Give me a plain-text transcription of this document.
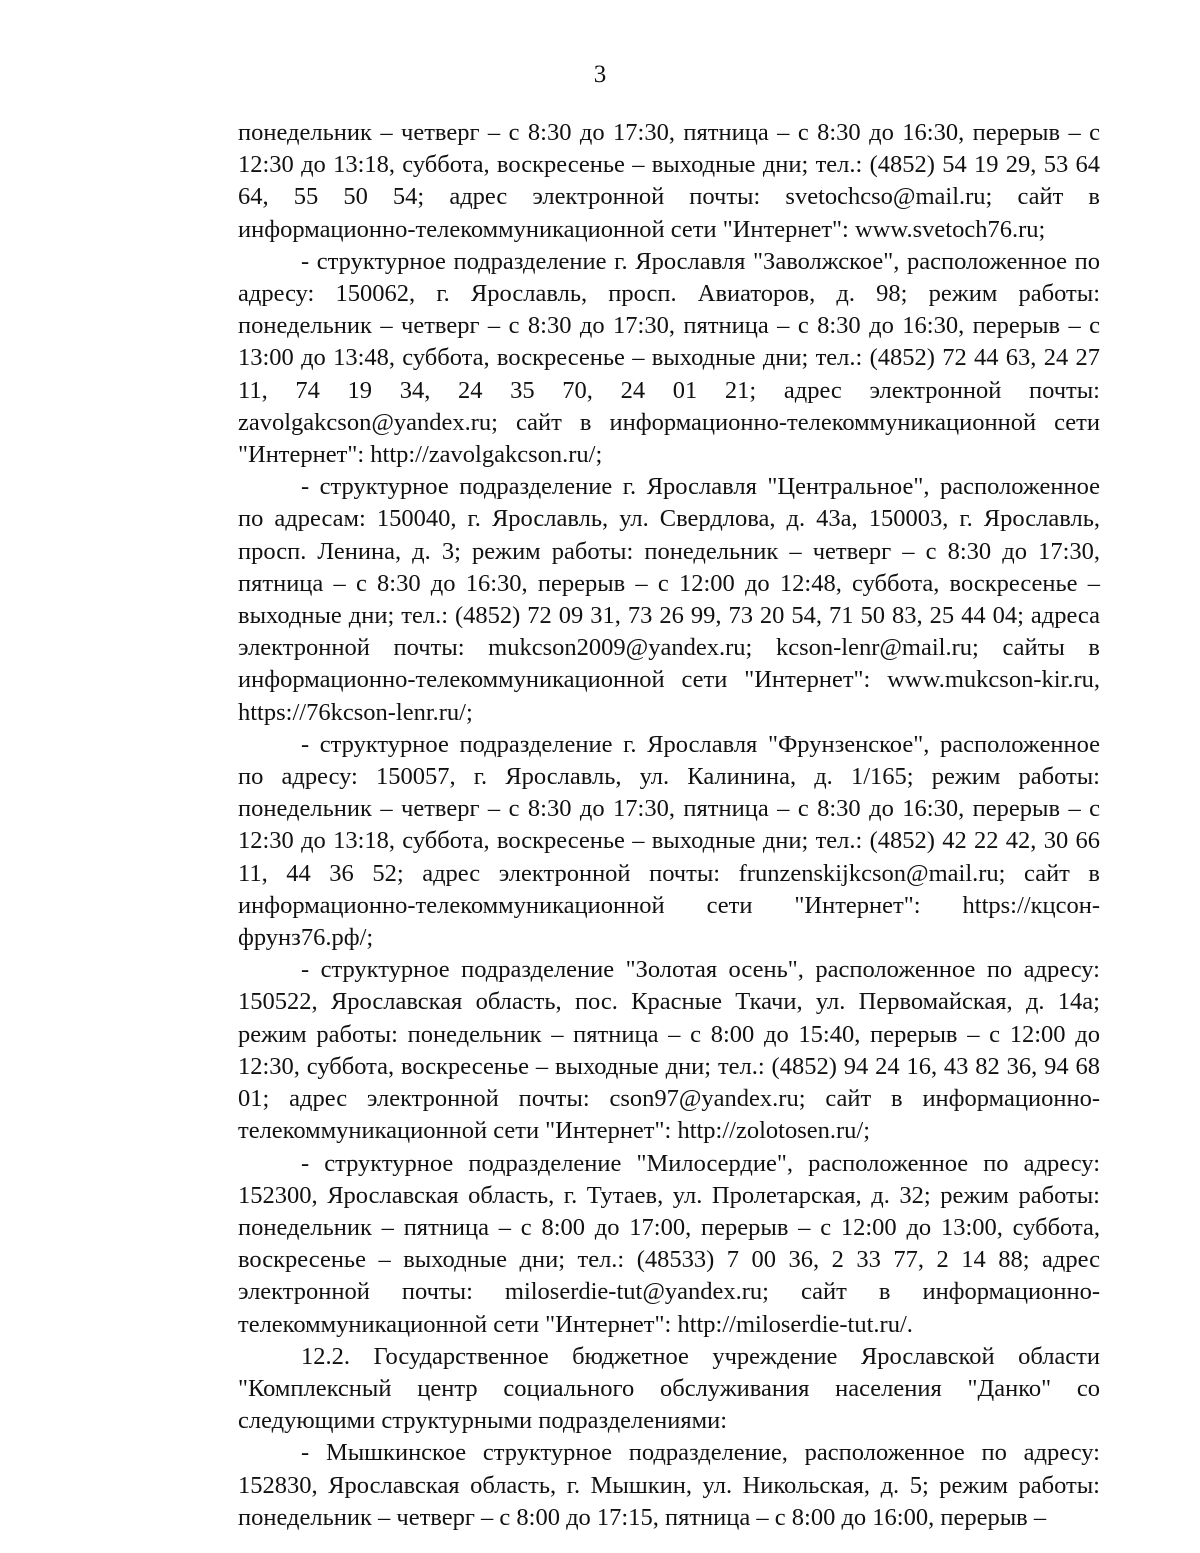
3

понедельник – четверг – с 8:30 до 17:30, пятница – с 8:30 до 16:30, перерыв – с 12:30 до 13:18, суббота, воскресенье – выходные дни; тел.: (4852) 54 19 29, 53 64 64, 55 50 54; адрес электронной почты: svetochcso@mail.ru; сайт в информационно-телекоммуникационной сети "Интернет": www.svetoch76.ru;

- структурное подразделение г. Ярославля "Заволжское", расположенное по адресу: 150062, г. Ярославль, просп. Авиаторов, д. 98; режим работы: понедельник – четверг – с 8:30 до 17:30, пятница – с 8:30 до 16:30, перерыв – с 13:00 до 13:48, суббота, воскресенье – выходные дни; тел.: (4852) 72 44 63, 24 27 11, 74 19 34, 24 35 70, 24 01 21; адрес электронной почты: zavolgakcson@yandex.ru; сайт в информационно-телекоммуникационной сети "Интернет": http://zavolgakcson.ru/;

- структурное подразделение г. Ярославля "Центральное", расположенное по адресам: 150040, г. Ярославль, ул. Свердлова, д. 43а, 150003, г. Ярославль, просп. Ленина, д. 3; режим работы: понедельник – четверг – с 8:30 до 17:30, пятница – с 8:30 до 16:30, перерыв – с 12:00 до 12:48, суббота, воскресенье – выходные дни; тел.: (4852) 72 09 31, 73 26 99, 73 20 54, 71 50 83, 25 44 04; адреса электронной почты: mukcson2009@yandex.ru; kcson-lenr@mail.ru; сайты в информационно-телекоммуникационной сети "Интернет": www.mukcson-kir.ru, https://76kcson-lenr.ru/;

- структурное подразделение г. Ярославля "Фрунзенское", расположенное по адресу: 150057, г. Ярославль, ул. Калинина, д. 1/165; режим работы: понедельник – четверг – с 8:30 до 17:30, пятница – с 8:30 до 16:30, перерыв – с 12:30 до 13:18, суббота, воскресенье – выходные дни; тел.: (4852) 42 22 42, 30 66 11, 44 36 52; адрес электронной почты: frunzenskijkcson@mail.ru; сайт в информационно-телекоммуникационной сети "Интернет": https://кцсон-фрунз76.рф/;

- структурное подразделение "Золотая осень", расположенное по адресу: 150522, Ярославская область, пос. Красные Ткачи, ул. Первомайская, д. 14а; режим работы: понедельник – пятница – с 8:00 до 15:40, перерыв – с 12:00 до 12:30, суббота, воскресенье – выходные дни; тел.: (4852) 94 24 16, 43 82 36, 94 68 01; адрес электронной почты: cson97@yandex.ru; сайт в информационно-телекоммуникационной сети "Интернет": http://zolotosen.ru/;

- структурное подразделение "Милосердие", расположенное по адресу: 152300, Ярославская область, г. Тутаев, ул. Пролетарская, д. 32; режим работы: понедельник – пятница – с 8:00 до 17:00, перерыв – с 12:00 до 13:00, суббота, воскресенье – выходные дни; тел.: (48533) 7 00 36, 2 33 77, 2 14 88; адрес электронной почты: miloserdie-tut@yandex.ru; сайт в информационно-телекоммуникационной сети "Интернет": http://miloserdie-tut.ru/.

12.2. Государственное бюджетное учреждение Ярославской области "Комплексный центр социального обслуживания населения "Данко" со следующими структурными подразделениями:

- Мышкинское структурное подразделение, расположенное по адресу: 152830, Ярославская область, г. Мышкин, ул. Никольская, д. 5; режим работы: понедельник – четверг – с 8:00 до 17:15, пятница – с 8:00 до 16:00, перерыв –
